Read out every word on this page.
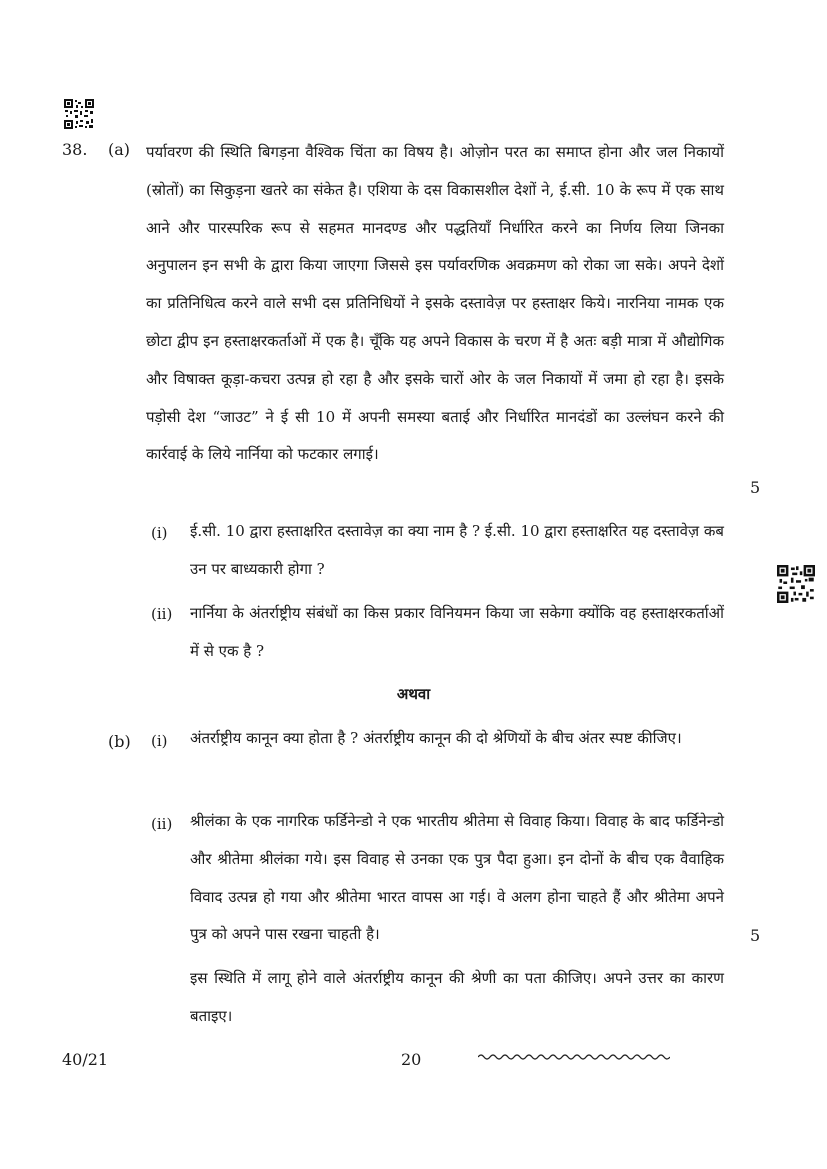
38. (a) पर्यावरण की स्थिति बिगड़ना वैश्विक चिंता का विषय है। ओज़ोन परत का समाप्त होना और जल निकायों (स्रोतों) का सिकुड़ना खतरे का संकेत है। एशिया के दस विकासशील देशों ने, ई.सी. 10 के रूप में एक साथ आने और पारस्परिक रूप से सहमत मानदण्ड और पद्धतियाँ निर्धारित करने का निर्णय लिया जिनका अनुपालन इन सभी के द्वारा किया जाएगा जिससे इस पर्यावरणिक अवक्रमण को रोका जा सके। अपने देशों का प्रतिनिधित्व करने वाले सभी दस प्रतिनिधियों ने इसके दस्तावेज़ पर हस्ताक्षर किये। नारनिया नामक एक छोटा द्वीप इन हस्ताक्षरकर्ताओं में एक है। चूँकि यह अपने विकास के चरण में है अतः बड़ी मात्रा में औद्योगिक और विषाक्त कूड़ा-कचरा उत्पन्न हो रहा है और इसके चारों ओर के जल निकायों में जमा हो रहा है। इसके पड़ोसी देश “जाउट” ने ई सी 10 में अपनी समस्या बताई और निर्धारित मानदंडों का उल्लंघन करने की कार्रवाई के लिये नार्निया को फटकार लगाई।

5
(i) ई.सी. 10 द्वारा हस्ताक्षरित दस्तावेज़ का क्या नाम है ? ई.सी. 10 द्वारा हस्ताक्षरित यह दस्तावेज़ कब उन पर बाध्यकारी होगा ?

(ii) नार्निया के अंतर्राष्ट्रीय संबंधों का किस प्रकार विनियमन किया जा सकेगा क्योंकि वह हस्ताक्षरकर्ताओं में से एक है ?

अथवा
(b) (i) अंतर्राष्ट्रीय कानून क्या होता है ? अंतर्राष्ट्रीय कानून की दो श्रेणियों के बीच अंतर स्पष्ट कीजिए।

(ii) श्रीलंका के एक नागरिक फर्डिनेन्डो ने एक भारतीय श्रीतेमा से विवाह किया। विवाह के बाद फर्डिनेन्डो और श्रीतेमा श्रीलंका गये। इस विवाह से उनका एक पुत्र पैदा हुआ। इन दोनों के बीच एक वैवाहिक विवाद उत्पन्न हो गया और श्रीतेमा भारत वापस आ गई। वे अलग होना चाहते हैं और श्रीतेमा अपने पुत्र को अपने पास रखना चाहती है।	5

इस स्थिति में लागू होने वाले अंतर्राष्ट्रीय कानून की श्रेणी का पता कीजिए। अपने उत्तर का कारण बताइए।

40/21	20
